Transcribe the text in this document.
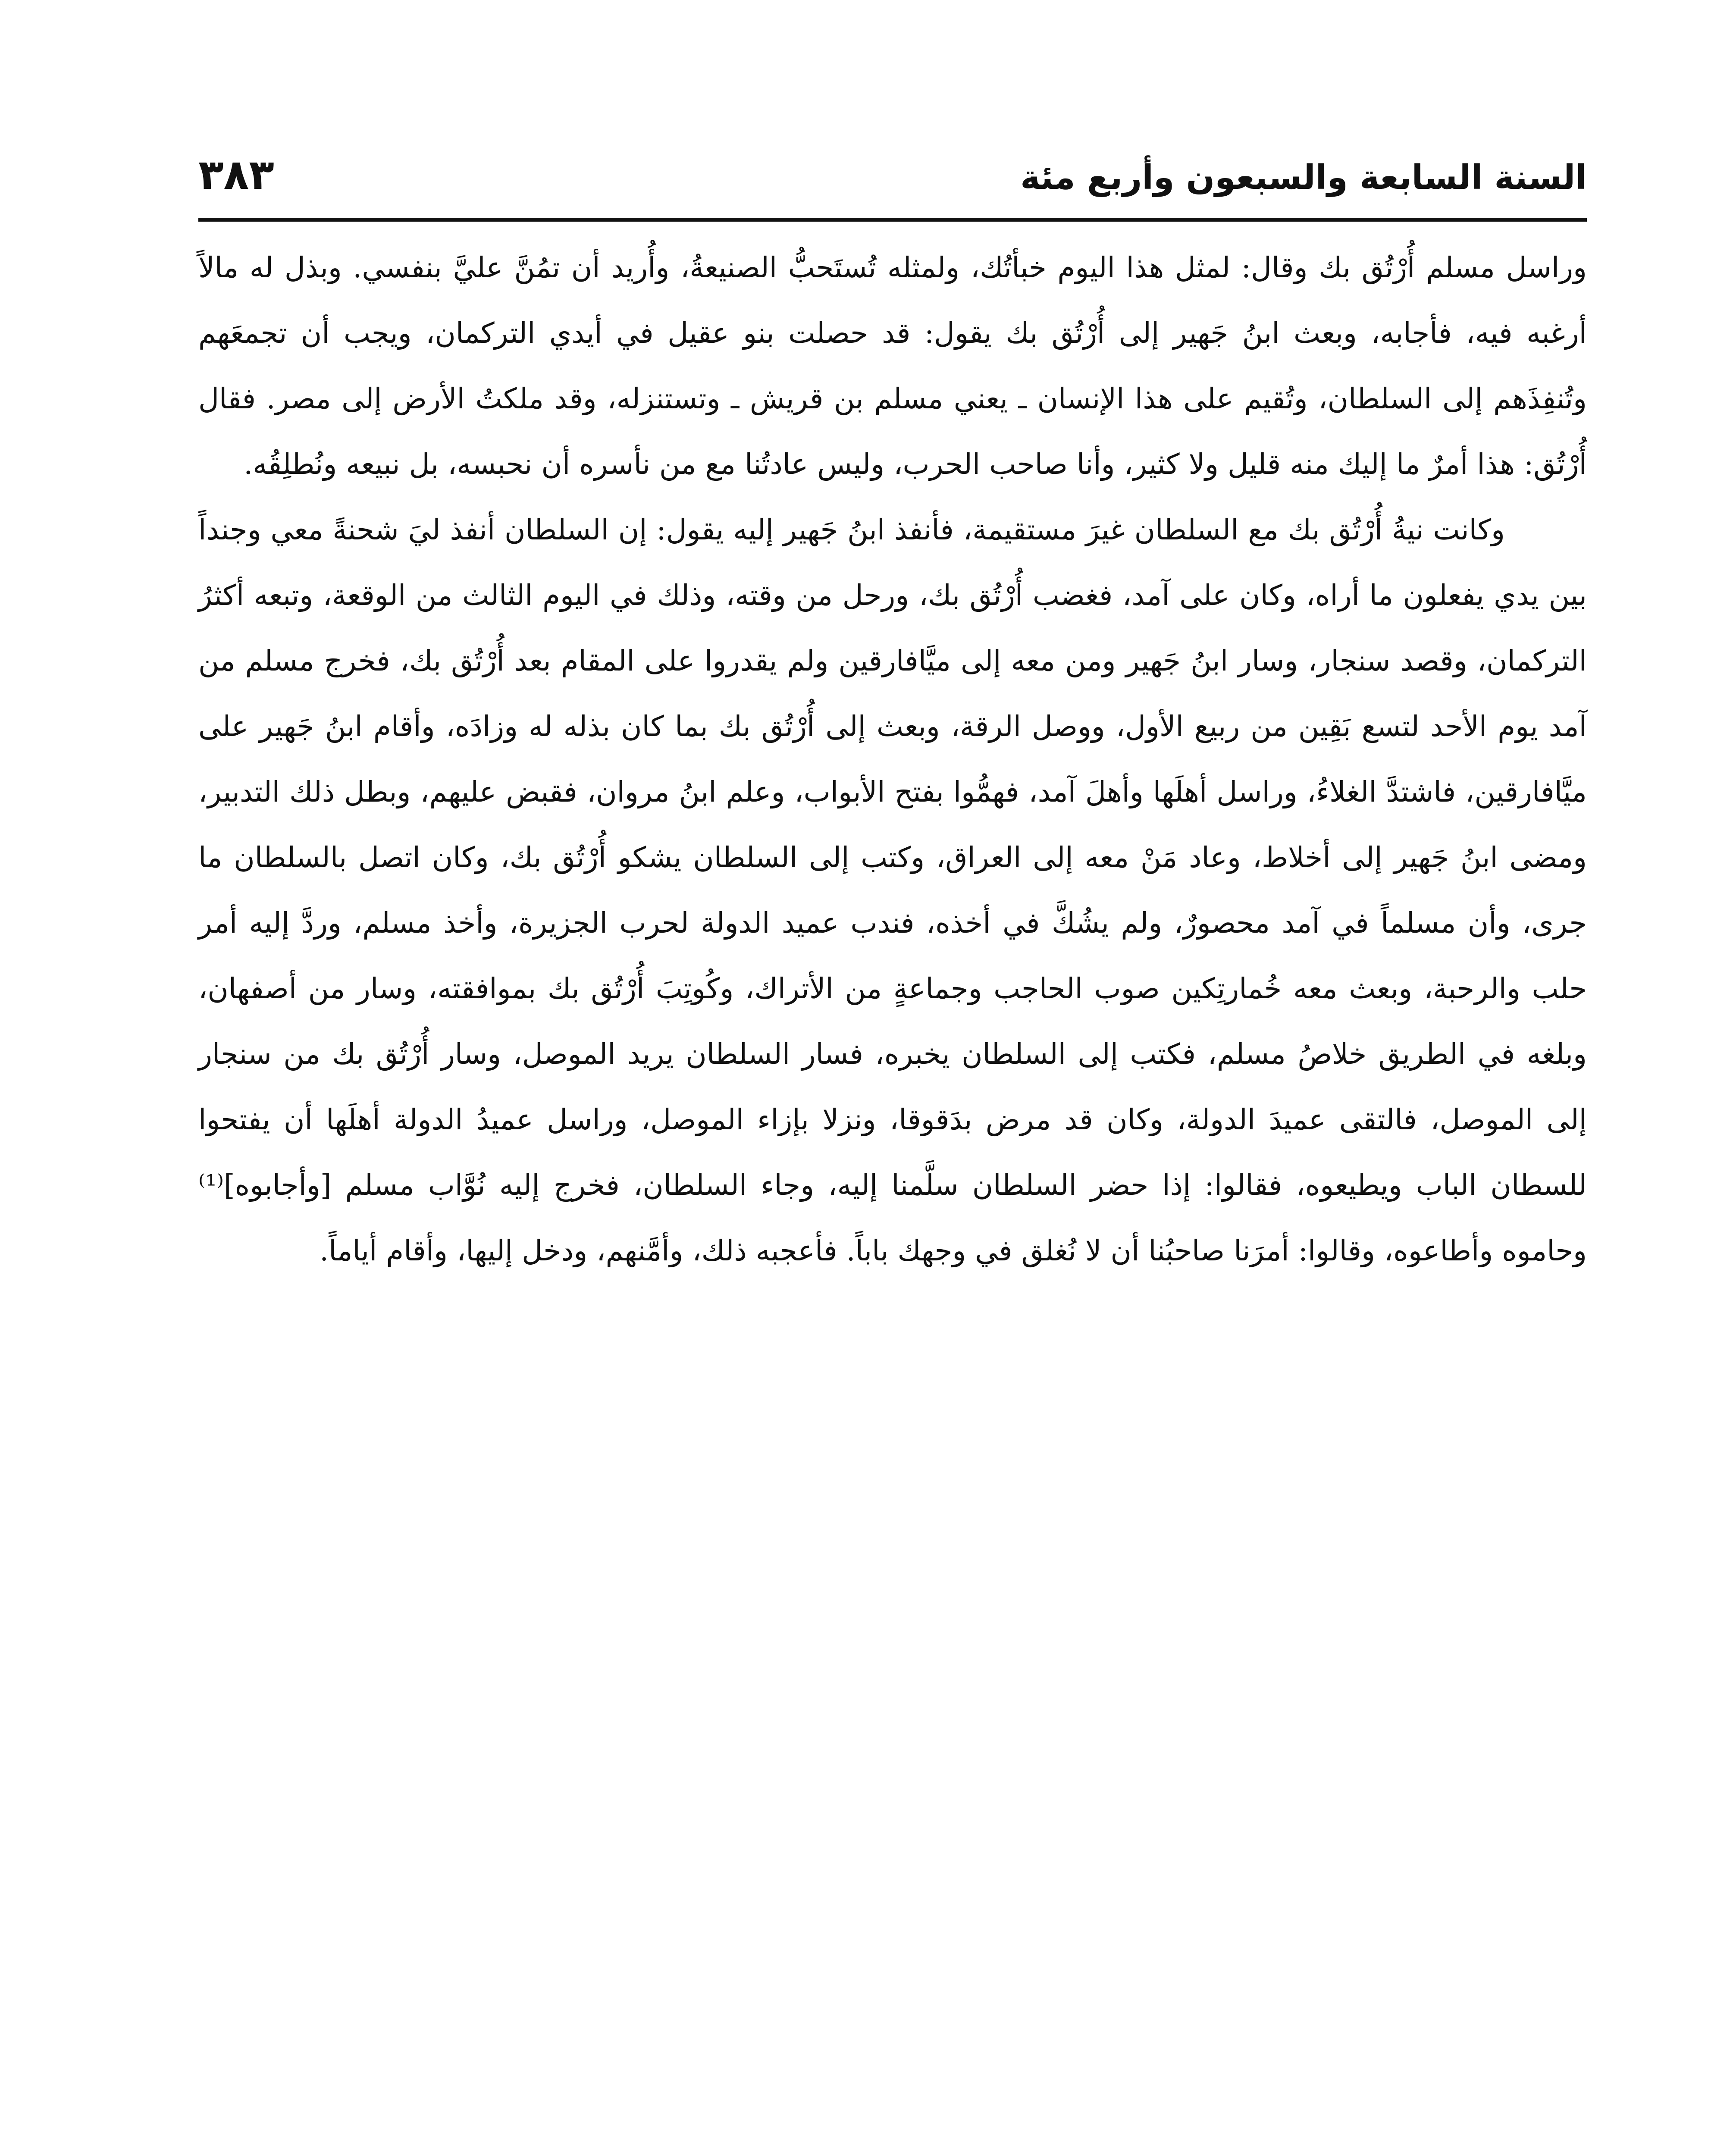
السنة السابعة والسبعون وأربع مئة
٣٨٣

وراسل مسلم أُرْتُق بك وقال: لمثل هذا اليوم خبأتُك، ولمثله تُستَحبُّ الصنيعةُ، وأُريد أن تمُنَّ عليَّ بنفسي. وبذل له مالاً أرغبه فيه، فأجابه، وبعث ابنُ جَهير إلى أُرْتُق بك يقول: قد حصلت بنو عقيل في أيدي التركمان، ويجب أن تجمعَهم وتُنفِذَهم إلى السلطان، وتُقيم على هذا الإنسان ـ يعني مسلم بن قريش ـ وتستنزله، وقد ملكتُ الأرض إلى مصر. فقال أُرْتُق: هذا أمرٌ ما إليك منه قليل ولا كثير، وأنا صاحب الحرب، وليس عادتُنا مع من نأسره أن نحبسه، بل نبيعه ونُطلِقُه.

وكانت نيةُ أُرْتُق بك مع السلطان غيرَ مستقيمة، فأنفذ ابنُ جَهير إليه يقول: إن السلطان أنفذ ليَ شحنةً معي وجنداً بين يدي يفعلون ما أراه، وكان على آمد، فغضب أُرْتُق بك، ورحل من وقته، وذلك في اليوم الثالث من الوقعة، وتبعه أكثرُ التركمان، وقصد سنجار، وسار ابنُ جَهير ومن معه إلى ميَّافارقين ولم يقدروا على المقام بعد أُرْتُق بك، فخرج مسلم من آمد يوم الأحد لتسع بَقِين من ربيع الأول، ووصل الرقة، وبعث إلى أُرْتُق بك بما كان بذله له وزادَه، وأقام ابنُ جَهير على ميَّافارقين، فاشتدَّ الغلاءُ، وراسل أهلَها وأهلَ آمد، فهمُّوا بفتح الأبواب، وعلم ابنُ مروان، فقبض عليهم، وبطل ذلك التدبير، ومضى ابنُ جَهير إلى أخلاط، وعاد مَنْ معه إلى العراق، وكتب إلى السلطان يشكو أُرْتُق بك، وكان اتصل بالسلطان ما جرى، وأن مسلماً في آمد محصورٌ، ولم يشُكَّ في أخذه، فندب عميد الدولة لحرب الجزيرة، وأخذ مسلم، وردَّ إليه أمر حلب والرحبة، وبعث معه خُمارتِكين صوب الحاجب وجماعةٍ من الأتراك، وكُوتِبَ أُرْتُق بك بموافقته، وسار من أصفهان، وبلغه في الطريق خلاصُ مسلم، فكتب إلى السلطان يخبره، فسار السلطان يريد الموصل، وسار أُرْتُق بك من سنجار إلى الموصل، فالتقى عميدَ الدولة، وكان قد مرض بدَقوقا، ونزلا بإزاء الموصل، وراسل عميدُ الدولة أهلَها أن يفتحوا للسطان الباب ويطيعوه، فقالوا: إذا حضر السلطان سلَّمنا إليه، وجاء السلطان، فخرج إليه نُوَّاب مسلم [وأجابوه]⁽¹⁾ وحاموه وأطاعوه، وقالوا: أمرَنا صاحبُنا أن لا نُغلق في وجهك باباً. فأعجبه ذلك، وأمَّنهم، ودخل إليها، وأقام أياماً.
